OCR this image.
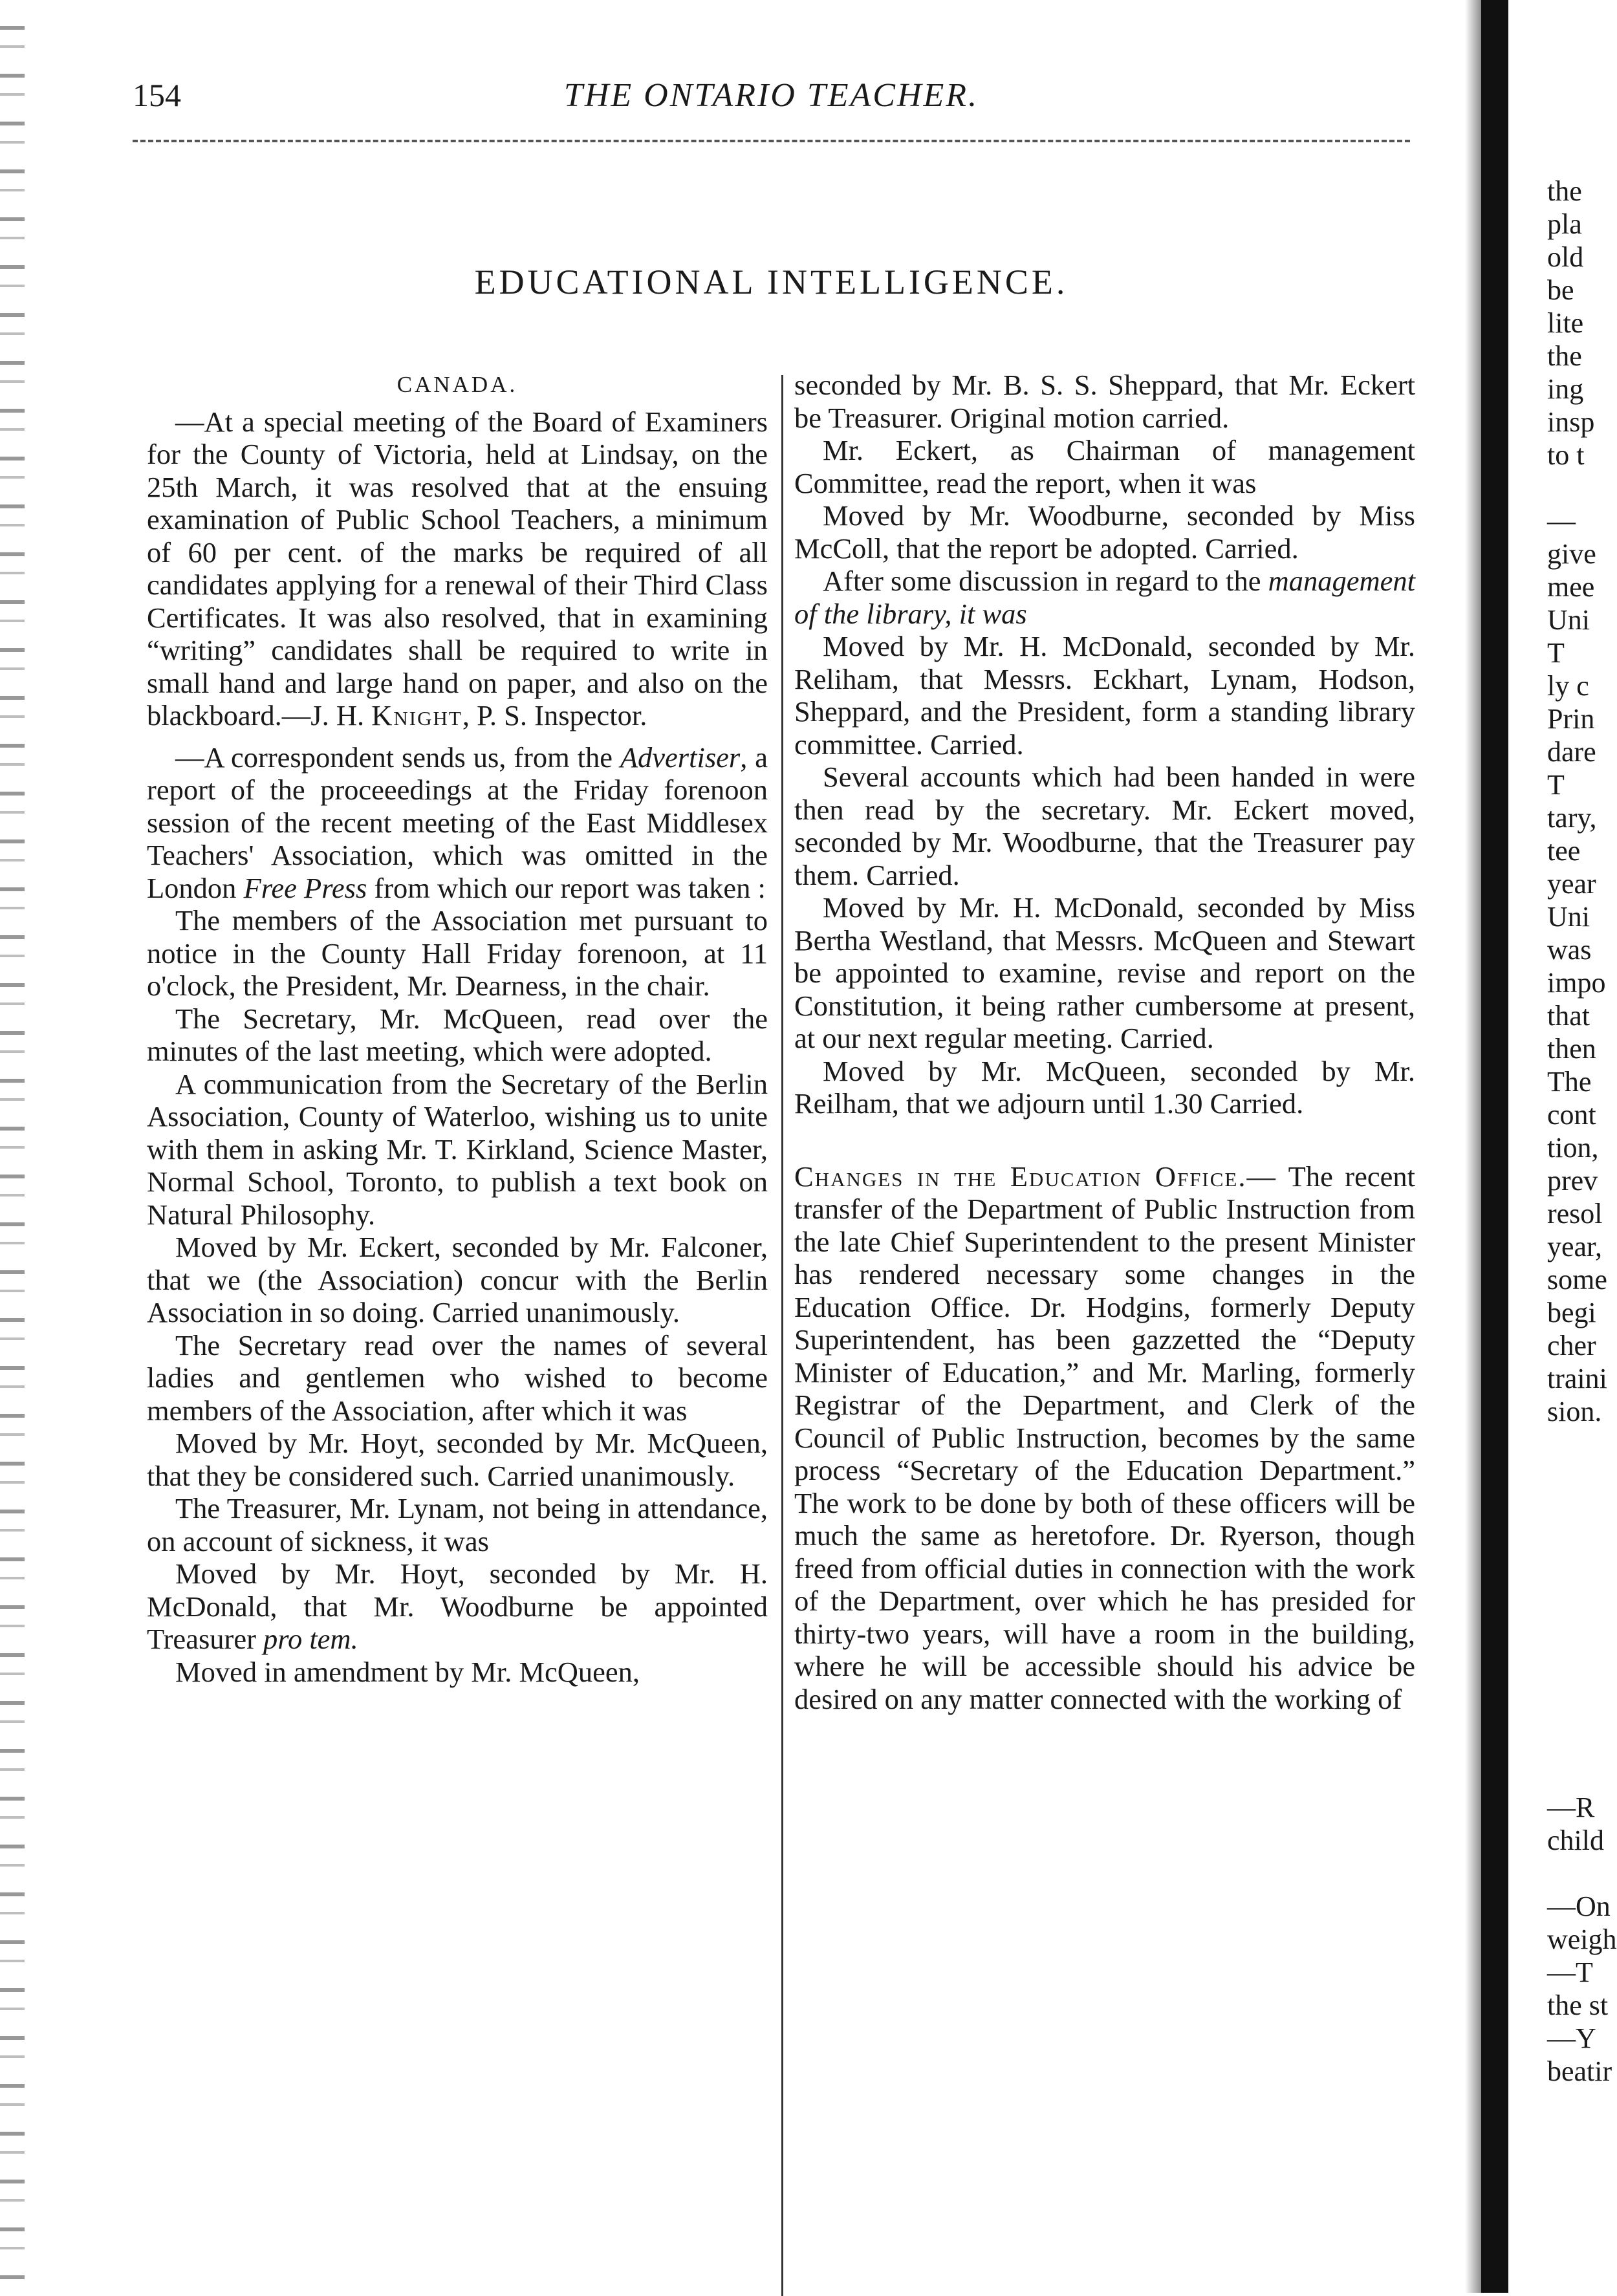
154	THE ONTARIO TEACHER.
EDUCATIONAL INTELLIGENCE.
CANADA.

—At a special meeting of the Board of Examiners for the County of Victoria, held at Lindsay, on the 25th March, it was resolved that at the ensuing examination of Public School Teachers, a minimum of 60 per cent. of the marks be required of all candidates applying for a renewal of their Third Class Certificates. It was also resolved, that in examining “writing” candidates shall be required to write in small hand and large hand on paper, and also on the blackboard.—J. H. Knight, P. S. Inspector.

—A correspondent sends us, from the Advertiser, a report of the proceeedings at the Friday forenoon session of the recent meeting of the East Middlesex Teachers' Association, which was omitted in the London Free Press from which our report was taken :

The members of the Association met pursuant to notice in the County Hall Friday forenoon, at 11 o'clock, the President, Mr. Dearness, in the chair.

The Secretary, Mr. McQueen, read over the minutes of the last meeting, which were adopted.

A communication from the Secretary of the Berlin Association, County of Waterloo, wishing us to unite with them in asking Mr. T. Kirkland, Science Master, Normal School, Toronto, to publish a text book on Natural Philosophy.

Moved by Mr. Eckert, seconded by Mr. Falconer, that we (the Association) concur with the Berlin Association in so doing. Carried unanimously.

The Secretary read over the names of several ladies and gentlemen who wished to become members of the Association, after which it was

Moved by Mr. Hoyt, seconded by Mr. McQueen, that they be considered such. Carried unanimously.

The Treasurer, Mr. Lynam, not being in attendance, on account of sickness, it was

Moved by Mr. Hoyt, seconded by Mr. H. McDonald, that Mr. Woodburne be appointed Treasurer pro tem.

Moved in amendment by Mr. McQueen,

seconded by Mr. B. S. S. Sheppard, that Mr. Eckert be Treasurer. Original motion carried.

Mr. Eckert, as Chairman of management Committee, read the report, when it was

Moved by Mr. Woodburne, seconded by Miss McColl, that the report be adopted. Carried.

After some discussion in regard to the management of the library, it was

Moved by Mr. H. McDonald, seconded by Mr. Reliham, that Messrs. Eckhart, Lynam, Hodson, Sheppard, and the President, form a standing library committee. Carried.

Several accounts which had been handed in were then read by the secretary. Mr. Eckert moved, seconded by Mr. Woodburne, that the Treasurer pay them. Carried.

Moved by Mr. H. McDonald, seconded by Miss Bertha Westland, that Messrs. McQueen and Stewart be appointed to examine, revise and report on the Constitution, it being rather cumbersome at present, at our next regular meeting. Carried.

Moved by Mr. McQueen, seconded by Mr. Reilham, that we adjourn until 1.30 Carried.

Changes in the Education Office.— The recent transfer of the Department of Public Instruction from the late Chief Superintendent to the present Minister has rendered necessary some changes in the Education Office. Dr. Hodgins, formerly Deputy Superintendent, has been gazzetted the “Deputy Minister of Education,” and Mr. Marling, formerly Registrar of the Department, and Clerk of the Council of Public Instruction, becomes by the same process “Secretary of the Education Department.” The work to be done by both of these officers will be much the same as heretofore. Dr. Ryerson, though freed from official duties in connection with the work of the Department, over which he has presided for thirty-two years, will have a room in the building, where he will be accessible should his advice be desired on any matter connected with the working of

the
pla
old
be
lite
the
ing
insp
to t

—
give
mee
Uni
T
ly c
Prin
dare
T
tary,
tee
year
Uni
was
impo
that
then
The
cont
tion,
prev
resol
year,
some
begi
cher
traini
sion.

—R
child

—On
weigh
—T
the st
—Y
beatir
